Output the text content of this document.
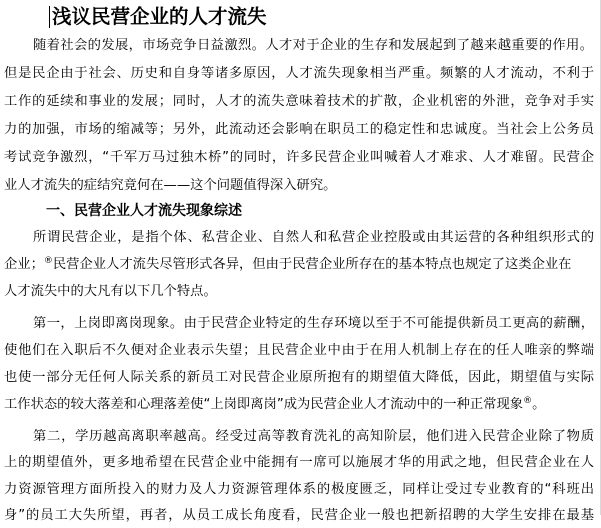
浅议民营企业的人才流失
随着社会的发展，市场竞争日益激烈。人才对于企业的生存和发展起到了越来越重要的作用。
但是民企由于社会、历史和自身等诸多原因，人才流失现象相当严重。频繁的人才流动，不利于
工作的延续和事业的发展；同时，人才的流失意味着技术的扩散，企业机密的外泄，竞争对手实
力的加强，市场的缩减等；另外，此流动还会影响在职员工的稳定性和忠诚度。当社会上公务员
考试竞争激烈，“千军万马过独木桥”的同时，许多民营企业叫喊着人才难求、人才难留。民营企
业人才流失的症结究竟何在——这个问题值得深入研究。
一、民营企业人才流失现象综述
所谓民营企业，是指个体、私营企业、自然人和私营企业控股或由其运营的各种组织形式的
企业；®民营企业人才流失尽管形式各异，但由于民营企业所存在的基本特点也规定了这类企业在
人才流失中的大凡有以下几个特点。
第一，上岗即离岗现象。由于民营企业特定的生存环境以至于不可能提供新员工更高的薪酬，
使他们在入职后不久便对企业表示失望；且民营企业中由于在用人机制上存在的任人唯亲的弊端
也使一部分无任何人际关系的新员工对民营企业原所抱有的期望值大降低，因此，期望值与实际
工作状态的较大落差和心理落差使“上岗即离岗”成为民营企业人才流动中的一种正常现象®。
第二，学历越高离职率越高。经受过高等教育洗礼的高知阶层，他们进入民营企业除了物质
上的期望值外，更多地希望在民营企业中能拥有一席可以施展才华的用武之地，但民营企业在人
力资源管理方面所投入的财力及人力资源管理体系的极度匮乏，同样让受过专业教育的“科班出
身”的员工大失所望，再者，从员工成长角度看，民营企业一般也把新招聘的大学生安排在最基
